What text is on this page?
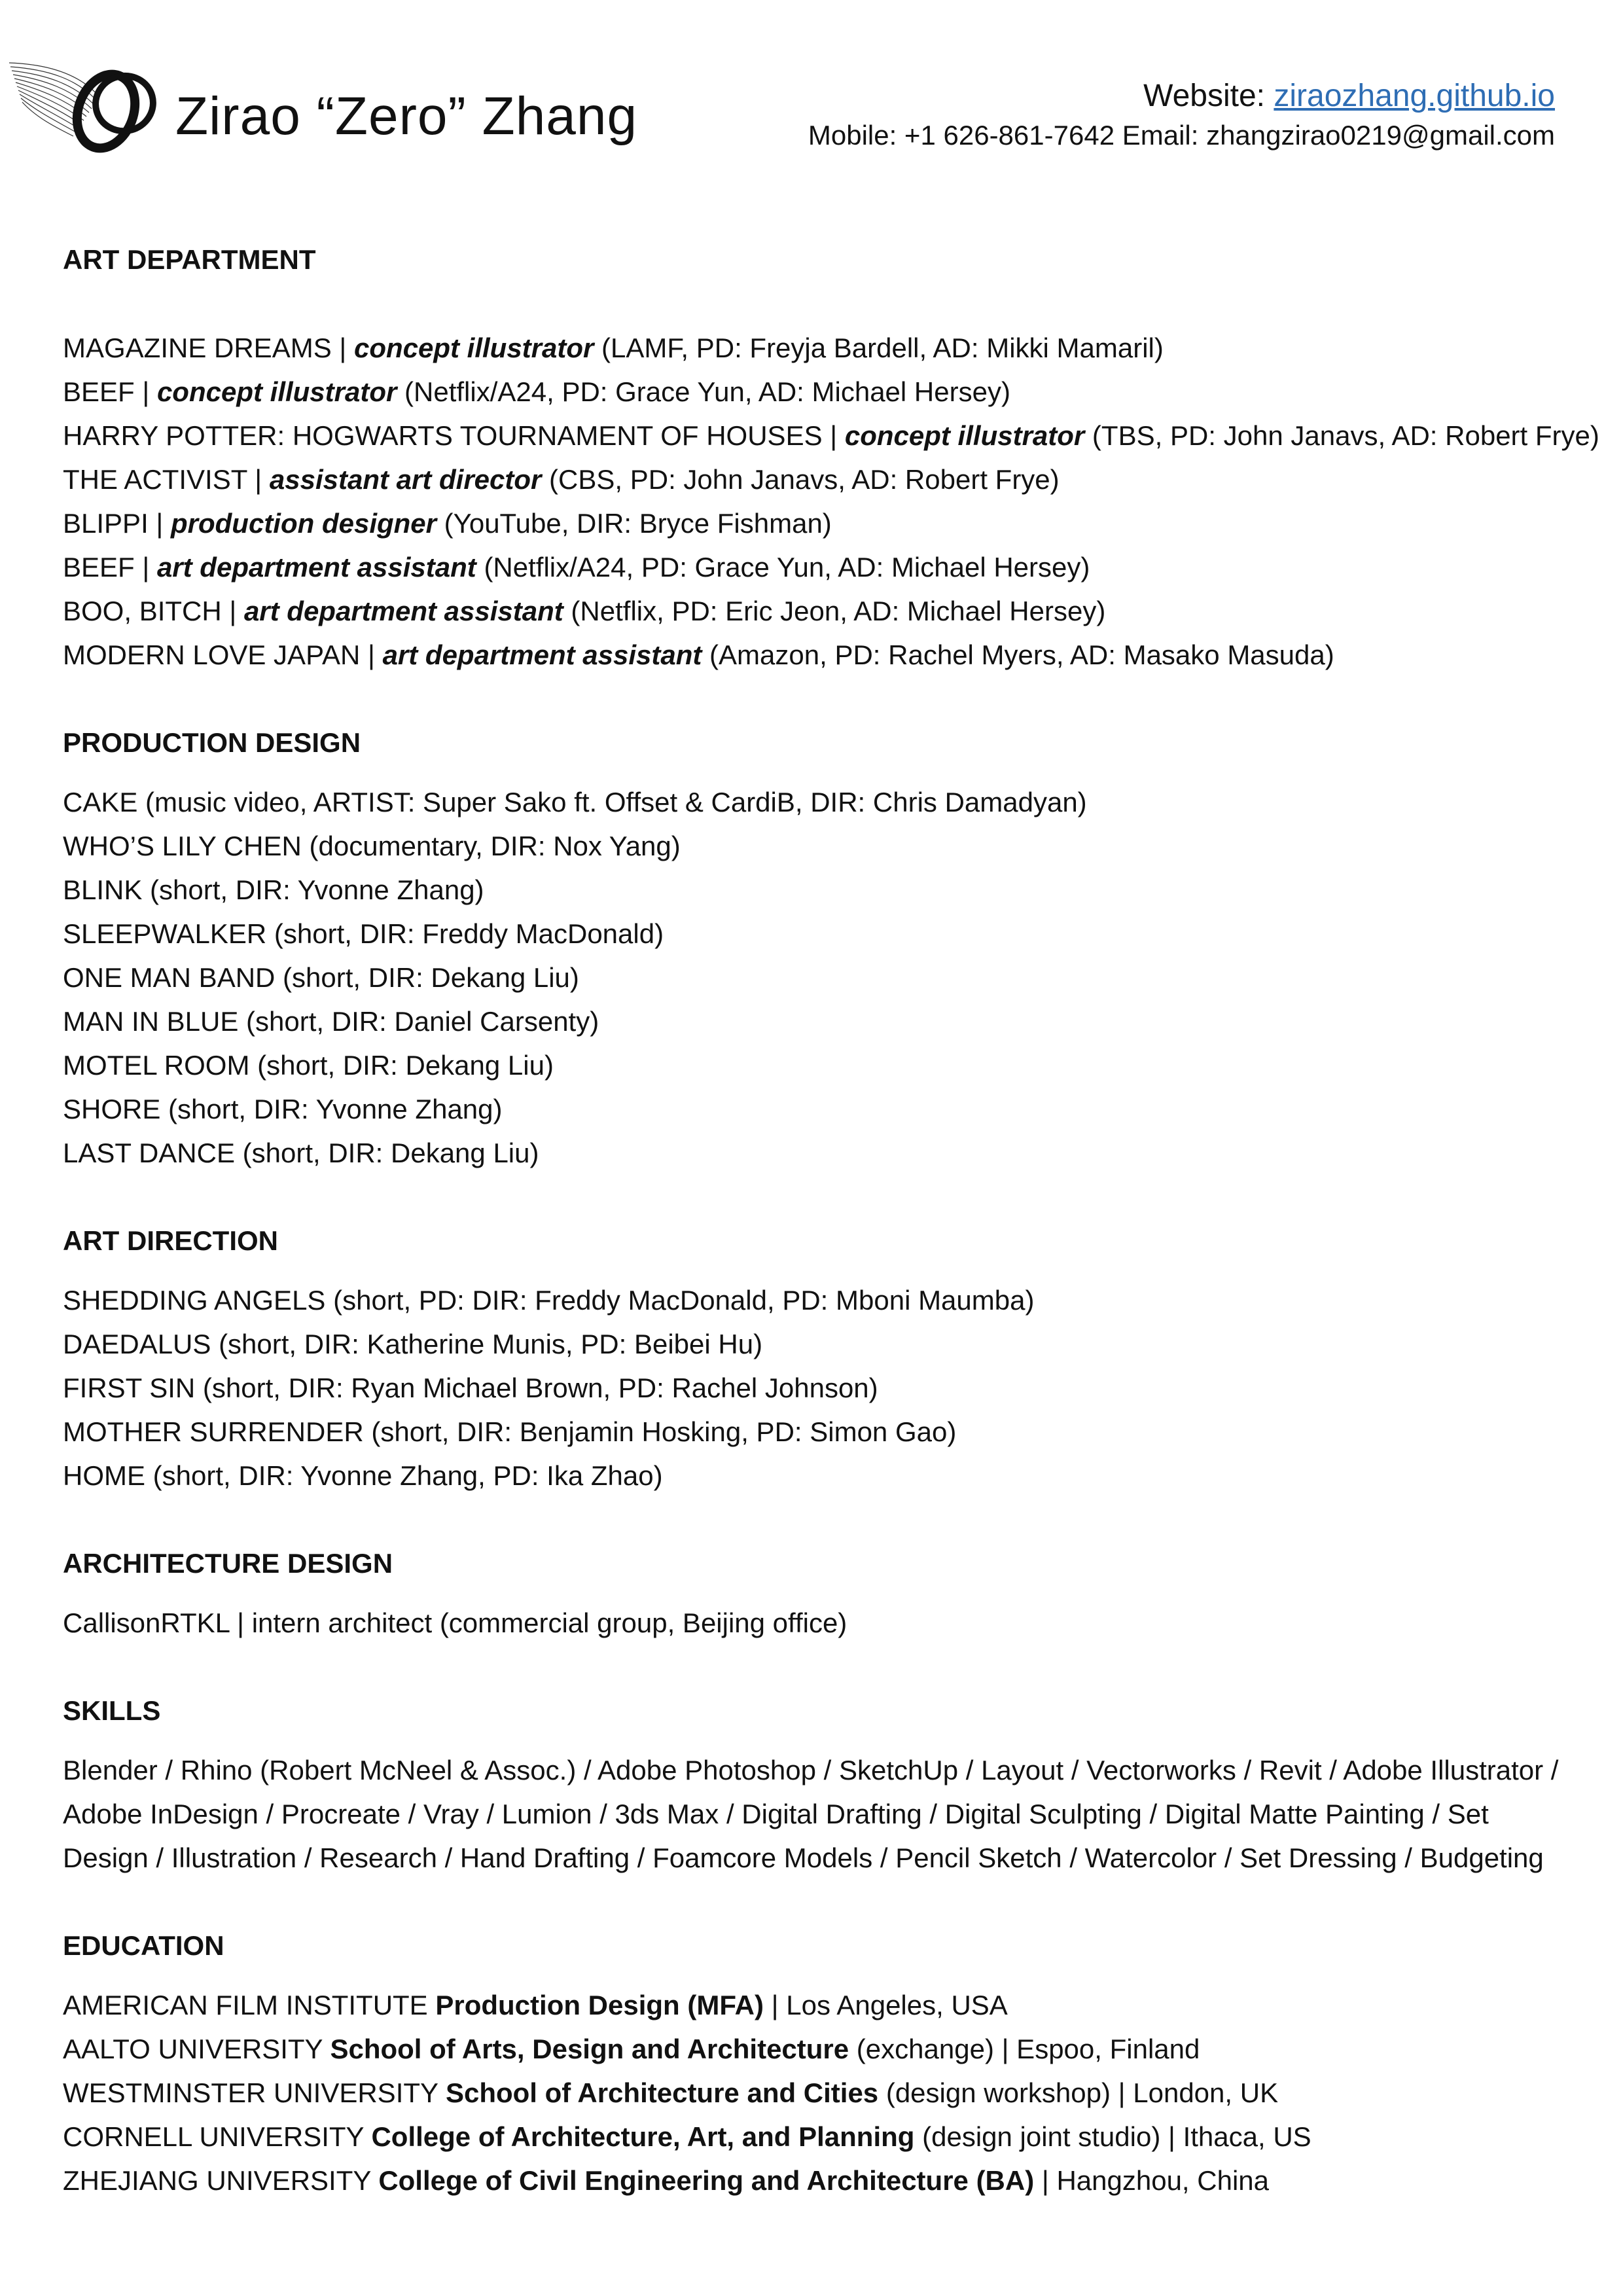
Zirao “Zero” Zhang	Website: ziraozhang.github.io
Mobile: +1 626-861-7642 Email: zhangzirao0219@gmail.com
ART DEPARTMENT
MAGAZINE DREAMS | concept illustrator (LAMF, PD: Freyja Bardell, AD: Mikki Mamaril)
BEEF | concept illustrator (Netflix/A24, PD: Grace Yun, AD: Michael Hersey)
HARRY POTTER: HOGWARTS TOURNAMENT OF HOUSES | concept illustrator (TBS, PD: John Janavs, AD: Robert Frye)
THE ACTIVIST | assistant art director (CBS, PD: John Janavs, AD: Robert Frye)
BLIPPI | production designer (YouTube, DIR: Bryce Fishman)
BEEF | art department assistant (Netflix/A24, PD: Grace Yun, AD: Michael Hersey)
BOO, BITCH | art department assistant (Netflix, PD: Eric Jeon, AD: Michael Hersey)
MODERN LOVE JAPAN | art department assistant (Amazon, PD: Rachel Myers, AD: Masako Masuda)
PRODUCTION DESIGN
CAKE (music video, ARTIST: Super Sako ft. Offset & CardiB, DIR: Chris Damadyan)
WHO’S LILY CHEN (documentary, DIR: Nox Yang)
BLINK (short, DIR: Yvonne Zhang)
SLEEPWALKER (short, DIR: Freddy MacDonald)
ONE MAN BAND (short, DIR: Dekang Liu)
MAN IN BLUE (short, DIR: Daniel Carsenty)
MOTEL ROOM (short, DIR: Dekang Liu)
SHORE (short, DIR: Yvonne Zhang)
LAST DANCE (short, DIR: Dekang Liu)
ART DIRECTION
SHEDDING ANGELS (short, PD: DIR: Freddy MacDonald, PD: Mboni Maumba)
DAEDALUS (short, DIR: Katherine Munis, PD: Beibei Hu)
FIRST SIN (short, DIR: Ryan Michael Brown, PD: Rachel Johnson)
MOTHER SURRENDER (short, DIR: Benjamin Hosking, PD: Simon Gao)
HOME (short, DIR: Yvonne Zhang, PD: Ika Zhao)
ARCHITECTURE DESIGN
CallisonRTKL | intern architect (commercial group, Beijing office)
SKILLS
Blender / Rhino (Robert McNeel & Assoc.) / Adobe Photoshop / SketchUp / Layout / Vectorworks / Revit / Adobe Illustrator / Adobe InDesign / Procreate / Vray / Lumion / 3ds Max / Digital Drafting / Digital Sculpting / Digital Matte Painting / Set Design / Illustration / Research / Hand Drafting / Foamcore Models / Pencil Sketch / Watercolor / Set Dressing / Budgeting
EDUCATION
AMERICAN FILM INSTITUTE Production Design (MFA) | Los Angeles, USA
AALTO UNIVERSITY School of Arts, Design and Architecture (exchange) | Espoo, Finland
WESTMINSTER UNIVERSITY School of Architecture and Cities (design workshop) | London, UK
CORNELL UNIVERSITY College of Architecture, Art, and Planning (design joint studio) | Ithaca, US
ZHEJIANG UNIVERSITY College of Civil Engineering and Architecture (BA) | Hangzhou, China
